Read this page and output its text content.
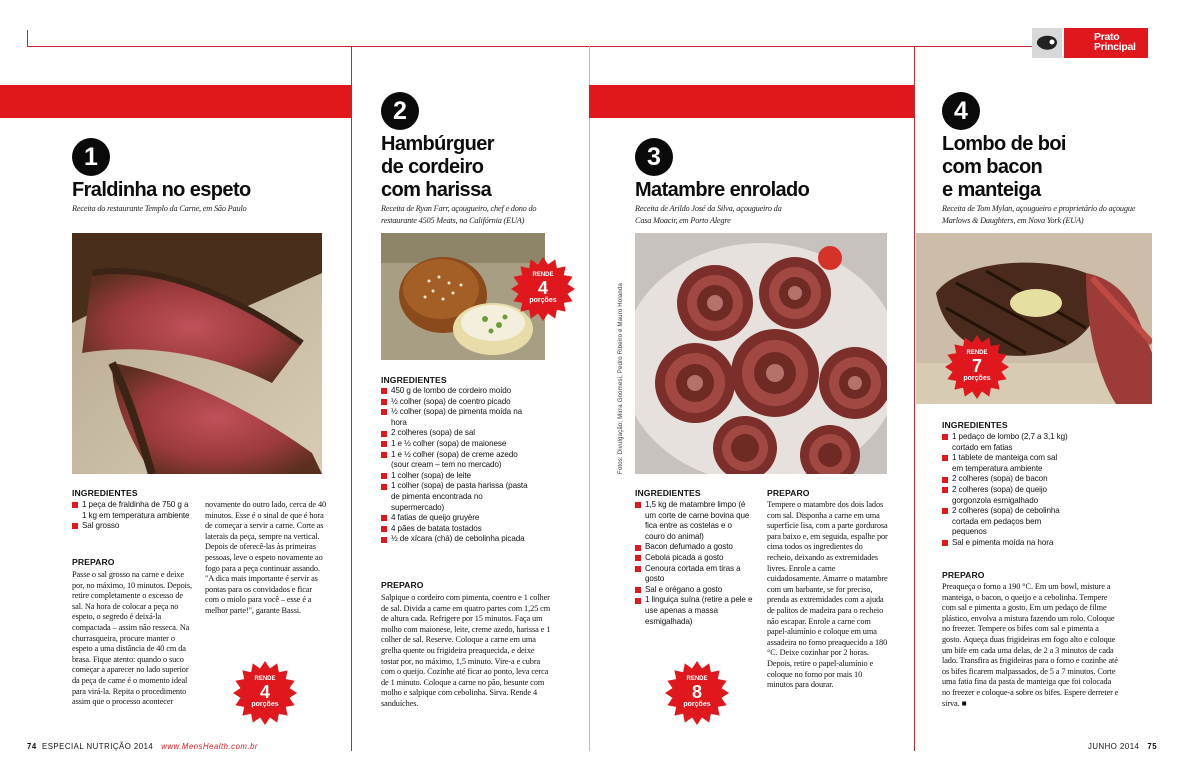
Prato
Principal
1
Fraldinha no espeto
Receita do restaurante Templo da Carne, em São Paulo
INGREDIENTES
1 peça de fraldinha de 750 g a 1 kg em temperatura ambiente
Sal grosso
PREPARO
Passe o sal grosso na carne e deixe por, no máximo, 10 minutos. Depois, retire completamente o excesso de sal. Na hora de colocar a peça no espeto, o segredo é deixá-la compactada – assim não resseca. Na churrasqueira, procure manter o espeto a uma distância de 40 cm da brasa. Fique atento: quando o suco começar a aparecer no lado superior da peça de carne é o momento ideal para virá-la. Repita o procedimento assim que o processo acontecer
novamente do outro lado, cerca de 40 minutos. Esse é o sinal de que é hora de começar a servir a carne. Corte as laterais da peça, sempre na vertical. Depois de oferecê-las às primeiras pessoas, leve o espeto novamente ao fogo para a peça continuar assando. "A dica mais importante é servir as pontas para os convidados e ficar com o miolo para você – esse é a melhor parte!", garante Bassi.
RENDE
4
porções
2
Hambúrguer
de cordeiro
com harissa
Receita de Ryan Farr, açougueiro, chef e dono do restaurante 4505 Meats, na Califórnia (EUA)
RENDE
4
porções
INGREDIENTES
450 g de lombo de cordeiro moído
½ colher (sopa) de coentro picado
½ colher (sopa) de pimenta moída na hora
2 colheres (sopa) de sal
1 e ½ colher (sopa) de maionese
1 e ½ colher (sopa) de creme azedo (sour cream – tem no mercado)
1 colher (sopa) de leite
1 colher (sopa) de pasta harissa (pasta de pimenta encontrada no supermercado)
4 fatias de queijo gruyère
4 pães de batata tostados
½ de xícara (chá) de cebolinha picada
PREPARO
Salpique o cordeiro com pimenta, coentro e 1 colher de sal. Divida a carne em quatro partes com 1,25 cm de altura cada. Refrigere por 15 minutos. Faça um molho com maionese, leite, creme azedo, harissa e 1 colher de sal. Reserve. Coloque a carne em uma grelha quente ou frigideira preaquecida, e deixe tostar por, no máximo, 1,5 minuto. Vire-a e cubra com o queijo. Cozinhe até ficar ao ponto, leva cerca de 1 minuto. Coloque a carne no pão, besunte com molho e salpique com cebolinha. Sirva. Rende 4 sanduíches.
3
Matambre enrolado
Receita de Arildo José da Silva, açougueiro da Casa Moacir, em Porto Alegre
Fotos: Divulgação; Mirra Gnomesi, Pedro Ribeiro e Mauro Holanda
INGREDIENTES
1,5 kg de matambre limpo (é um corte de carne bovina que fica entre as costelas e o couro do animal)
Bacon defumado a gosto
Cebola picada a gosto
Cenoura cortada em tiras a gosto
Sal e orégano a gosto
1 linguiça suína (retire a pele e use apenas a massa esmigalhada)
PREPARO
Tempere o matambre dos dois lados com sal. Disponha a carne em uma superfície lisa, com a parte gordurosa para baixo e, em seguida, espalhe por cima todos os ingredientes do recheio, deixando as extremidades livres. Enrole a carne cuidadosamente. Amarre o matambre com um barbante, se for preciso, prenda as extremidades com a ajuda de palitos de madeira para o recheio não escapar. Enrole a carne com papel-alumínio e coloque em uma assadeira no forno preaquecido a 180 °C. Deixe cozinhar por 2 horas. Depois, retire o papel-alumínio e coloque no forno por mais 10 minutos para dourar.
RENDE
8
porções
4
Lombo de boi
com bacon
e manteiga
Receita de Tom Mylan, açougueiro e proprietário do açougue Marlows & Daughters, em Nova York (EUA)
RENDE
7
porções
INGREDIENTES
1 pedaço de lombo (2,7 a 3,1 kg) cortado em fatias
1 tablete de manteiga com sal em temperatura ambiente
2 colheres (sopa) de bacon
2 colheres (sopa) de queijo gorgonzola esmigalhado
2 colheres (sopa) de cebolinha cortada em pedaços bem pequenos
Sal e pimenta moída na hora
PREPARO
Preaqueça o forno a 190 °C. Em um bowl, misture a manteiga, o bacon, o queijo e a cebolinha. Tempere com sal e pimenta a gosto. Em um pedaço de filme plástico, envolva a mistura fazendo um rolo. Coloque no freezer. Tempere os bifes com sal e pimenta a gosto. Aqueça duas frigideiras em fogo alto e coloque um bife em cada uma delas, de 2 a 3 minutos de cada lado. Transfira as frigideiras para o forno e cozinhe até os bifes ficarem malpassados, de 5 a 7 minutos. Corte uma fatia fina da pasta de manteiga que foi colocada no freezer e coloque-a sobre os bifes. Espere derreter e sirva. ■
74 ESPECIAL NUTRIÇÃO 2014 www.MensHealth.com.br	JUNHO 2014 75
